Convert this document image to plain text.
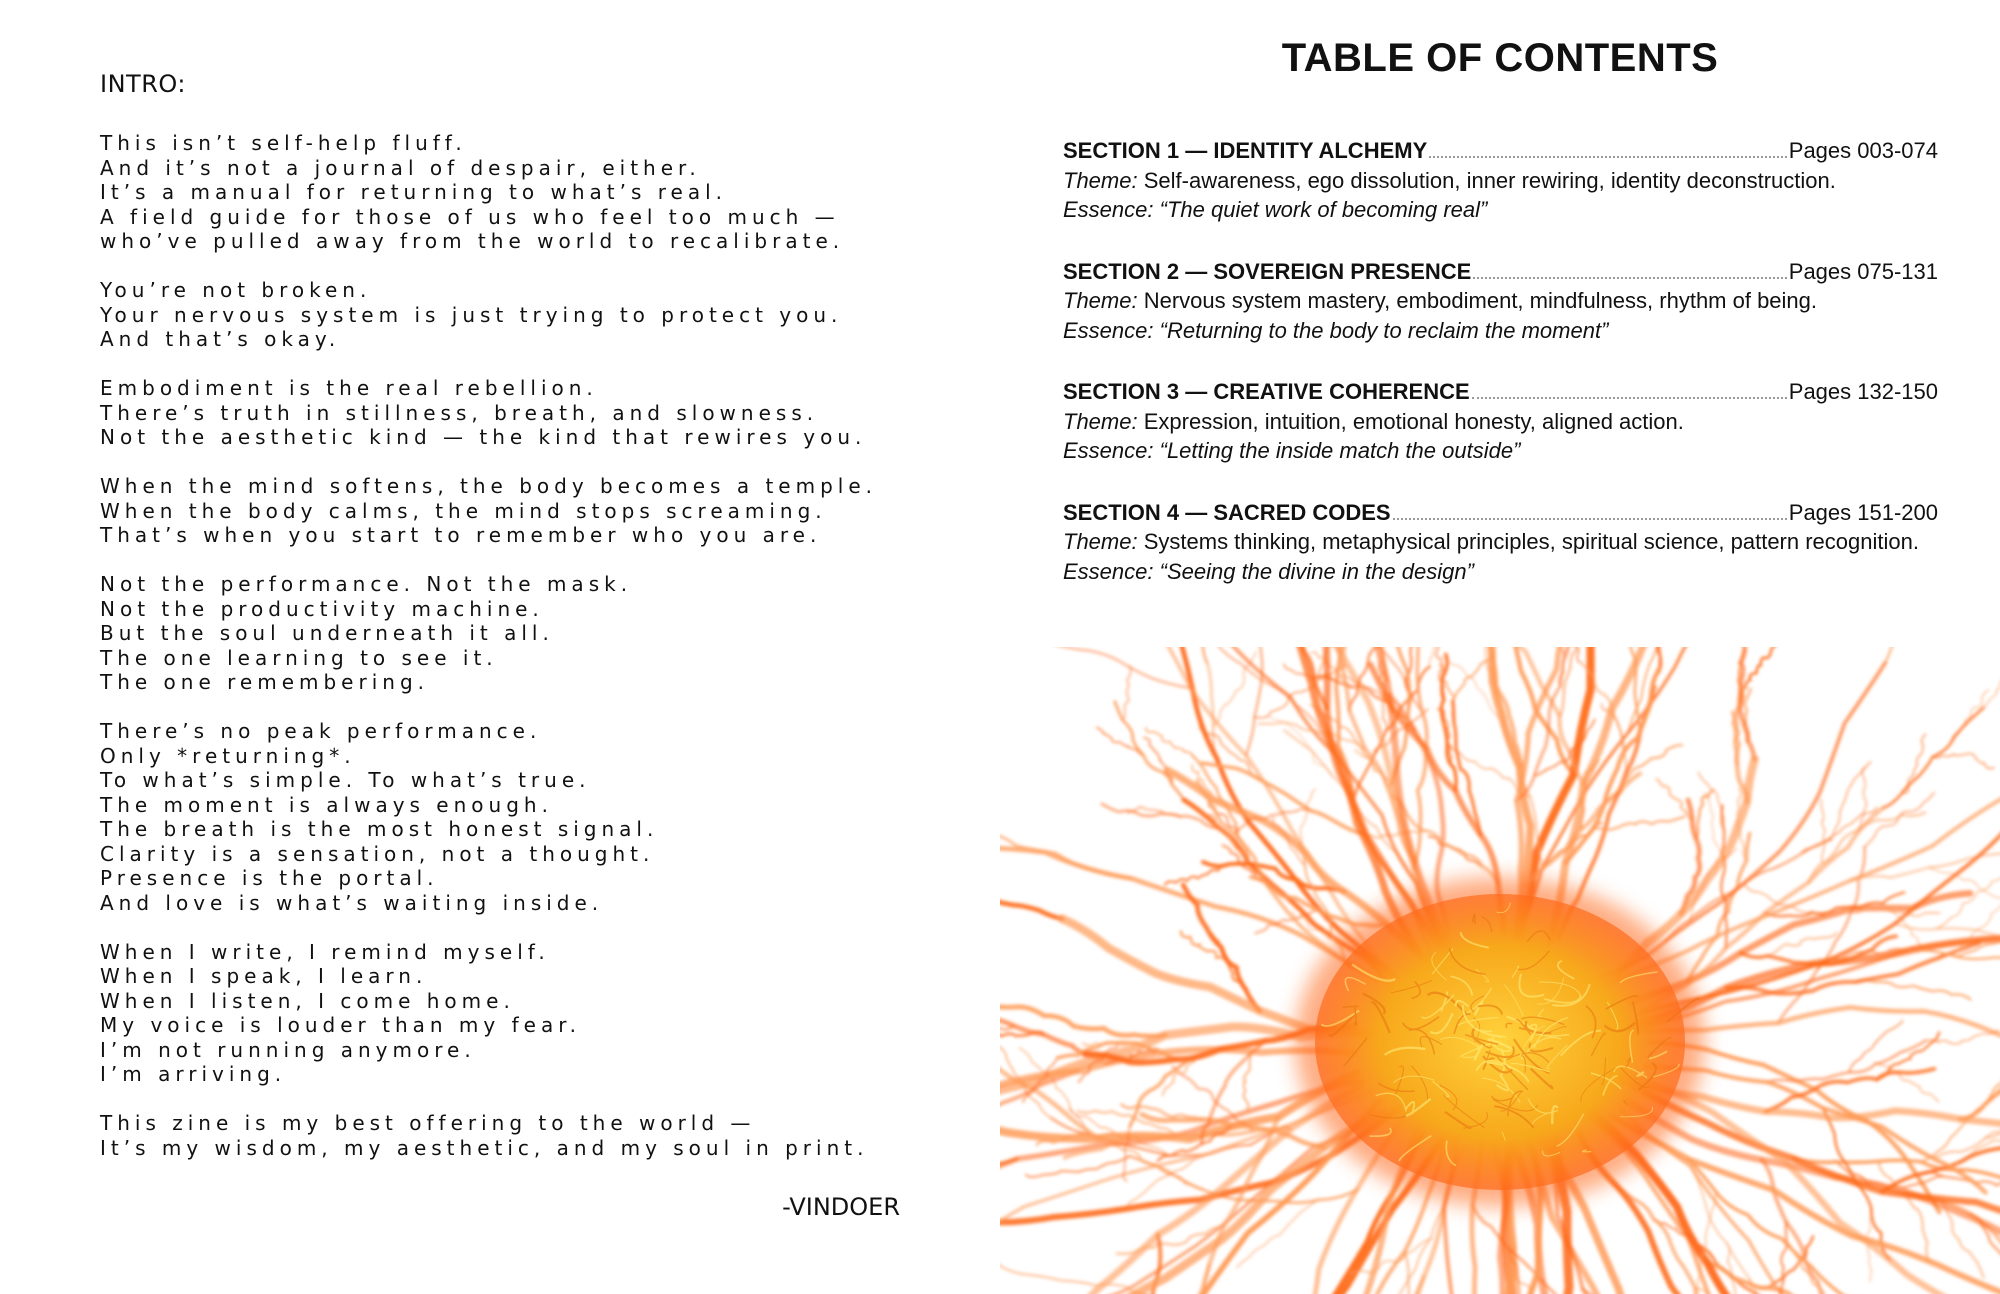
INTRO:
This isn’t self-help fluff.
And it’s not a journal of despair, either.
It’s a manual for returning to what’s real.
A field guide for those of us who feel too much —
who’ve pulled away from the world to recalibrate.
You’re not broken.
Your nervous system is just trying to protect you.
And that’s okay.
Embodiment is the real rebellion.
There’s truth in stillness, breath, and slowness.
Not the aesthetic kind — the kind that rewires you.
When the mind softens, the body becomes a temple.
When the body calms, the mind stops screaming.
That’s when you start to remember who you are.
Not the performance. Not the mask.
Not the productivity machine.
But the soul underneath it all.
The one learning to see it.
The one remembering.
There’s no peak performance.
Only *returning*.
To what’s simple. To what’s true.
The moment is always enough.
The breath is the most honest signal.
Clarity is a sensation, not a thought.
Presence is the portal.
And love is what’s waiting inside.
When I write, I remind myself.
When I speak, I learn.
When I listen, I come home.
My voice is louder than my fear.
I’m not running anymore.
I’m arriving.
This zine is my best offering to the world —
It’s my wisdom, my aesthetic, and my soul in print.
-VINDOER
TABLE OF CONTENTS
SECTION 1 — IDENTITY ALCHEMY	Pages 003-074
Theme: Self-awareness, ego dissolution, inner rewiring, identity deconstruction.
Essence: “The quiet work of becoming real”
SECTION 2 — SOVEREIGN PRESENCE	Pages 075-131
Theme: Nervous system mastery, embodiment, mindfulness, rhythm of being.
Essence: “Returning to the body to reclaim the moment”
SECTION 3 — CREATIVE COHERENCE	Pages 132-150
Theme: Expression, intuition, emotional honesty, aligned action.
Essence: “Letting the inside match the outside”
SECTION 4 — SACRED CODES	Pages 151-200
Theme: Systems thinking, metaphysical principles, spiritual science, pattern recognition.
Essence: “Seeing the divine in the design”
